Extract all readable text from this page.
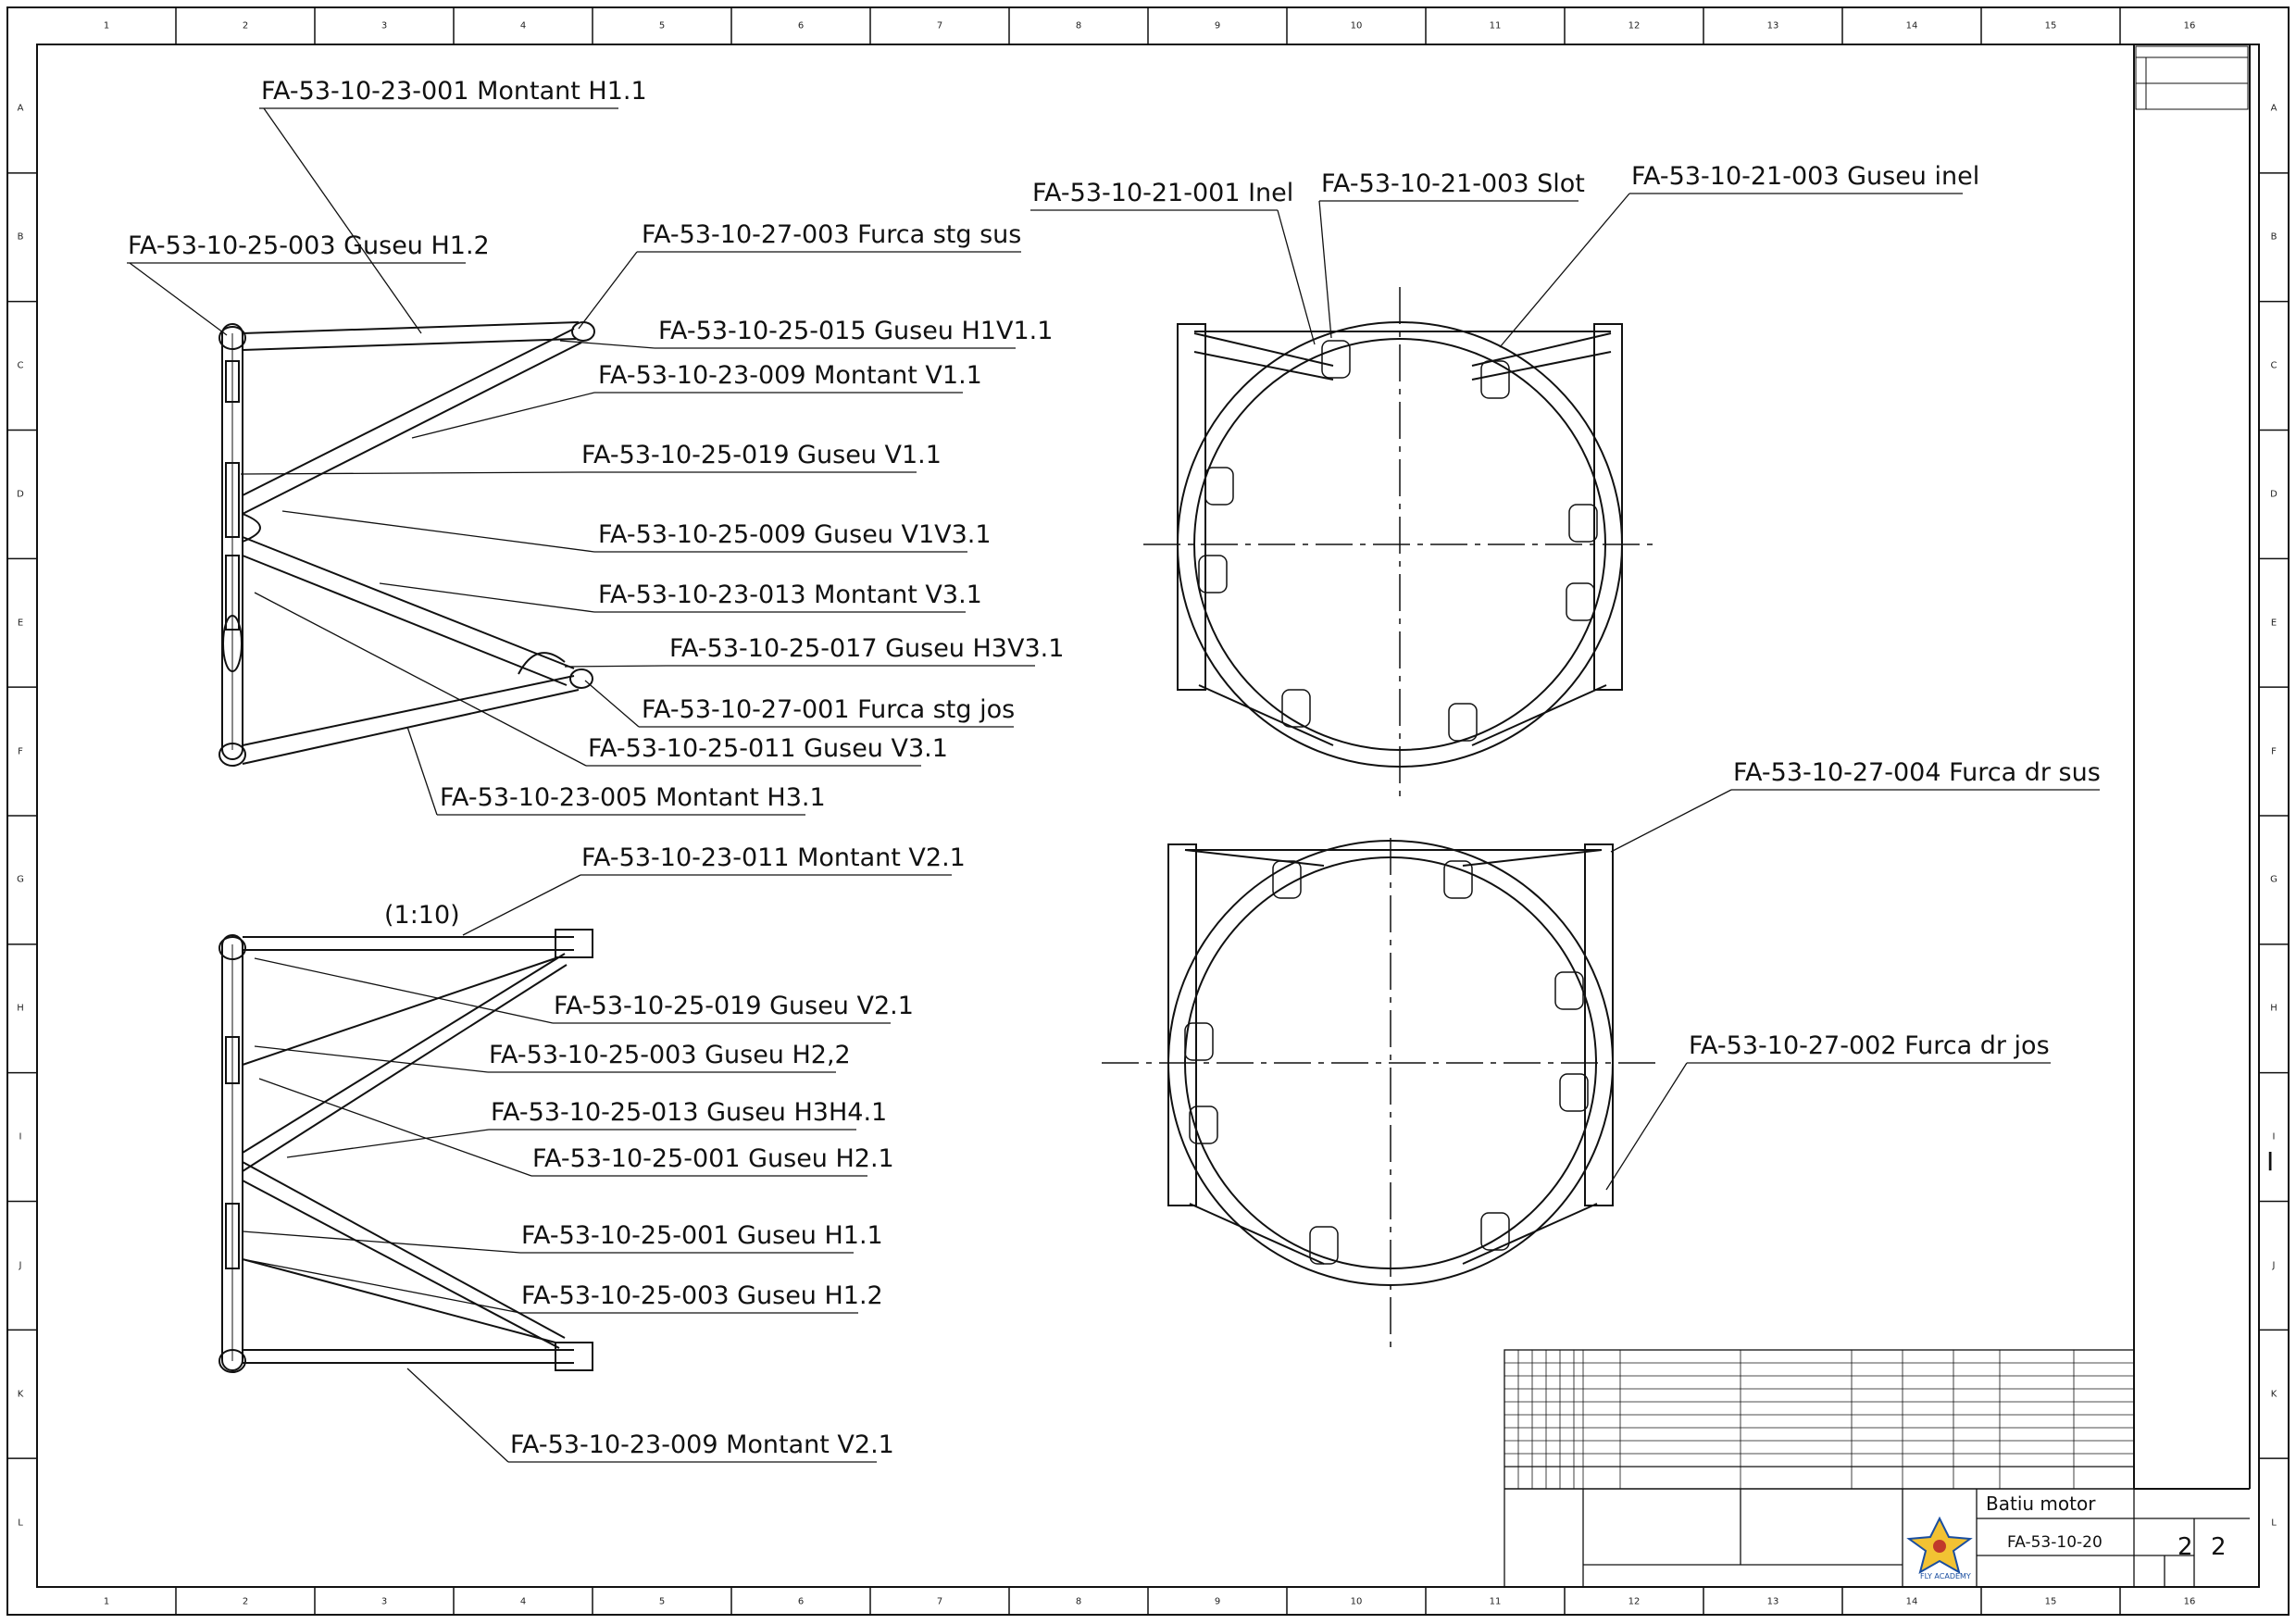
1	2	3	4	5	6	7	8	9	10	11	12	13	14	15	16
1	2	3	4	5	6	7	8	9	10	11	12	13	14	15	16
A
B
C
D
E
F
G
H
I
J
K
L
A
B
C
D
E
F
G
H
I
J
K
L
FA-53-10-23-001 Montant H1.1
FA-53-10-25-003 Guseu H1.2	FA-53-10-27-003 Furca stg sus
FA-53-10-25-015 Guseu H1V1.1
FA-53-10-23-009 Montant V1.1
FA-53-10-25-019 Guseu V1.1
FA-53-10-25-009 Guseu V1V3.1
FA-53-10-23-013 Montant V3.1
FA-53-10-25-017 Guseu H3V3.1
FA-53-10-27-001 Furca stg jos
FA-53-10-25-011 Guseu V3.1
FA-53-10-23-005 Montant H3.1
(1:10)
FA-53-10-23-011 Montant V2.1
FA-53-10-25-019 Guseu V2.1
FA-53-10-25-003 Guseu H2,2
FA-53-10-25-013 Guseu H3H4.1
FA-53-10-25-001 Guseu H2.1
FA-53-10-25-001 Guseu H1.1
FA-53-10-25-003 Guseu H1.2
FA-53-10-23-009 Montant V2.1
FA-53-10-21-001 Inel FA-53-10-21-003 Slot FA-53-10-21-003 Guseu inel
FA-53-10-27-004 Furca dr sus
FA-53-10-27-002 Furca dr jos
Batiu motor
FA-53-10-20	2 2
FLY ACADEMY
I
